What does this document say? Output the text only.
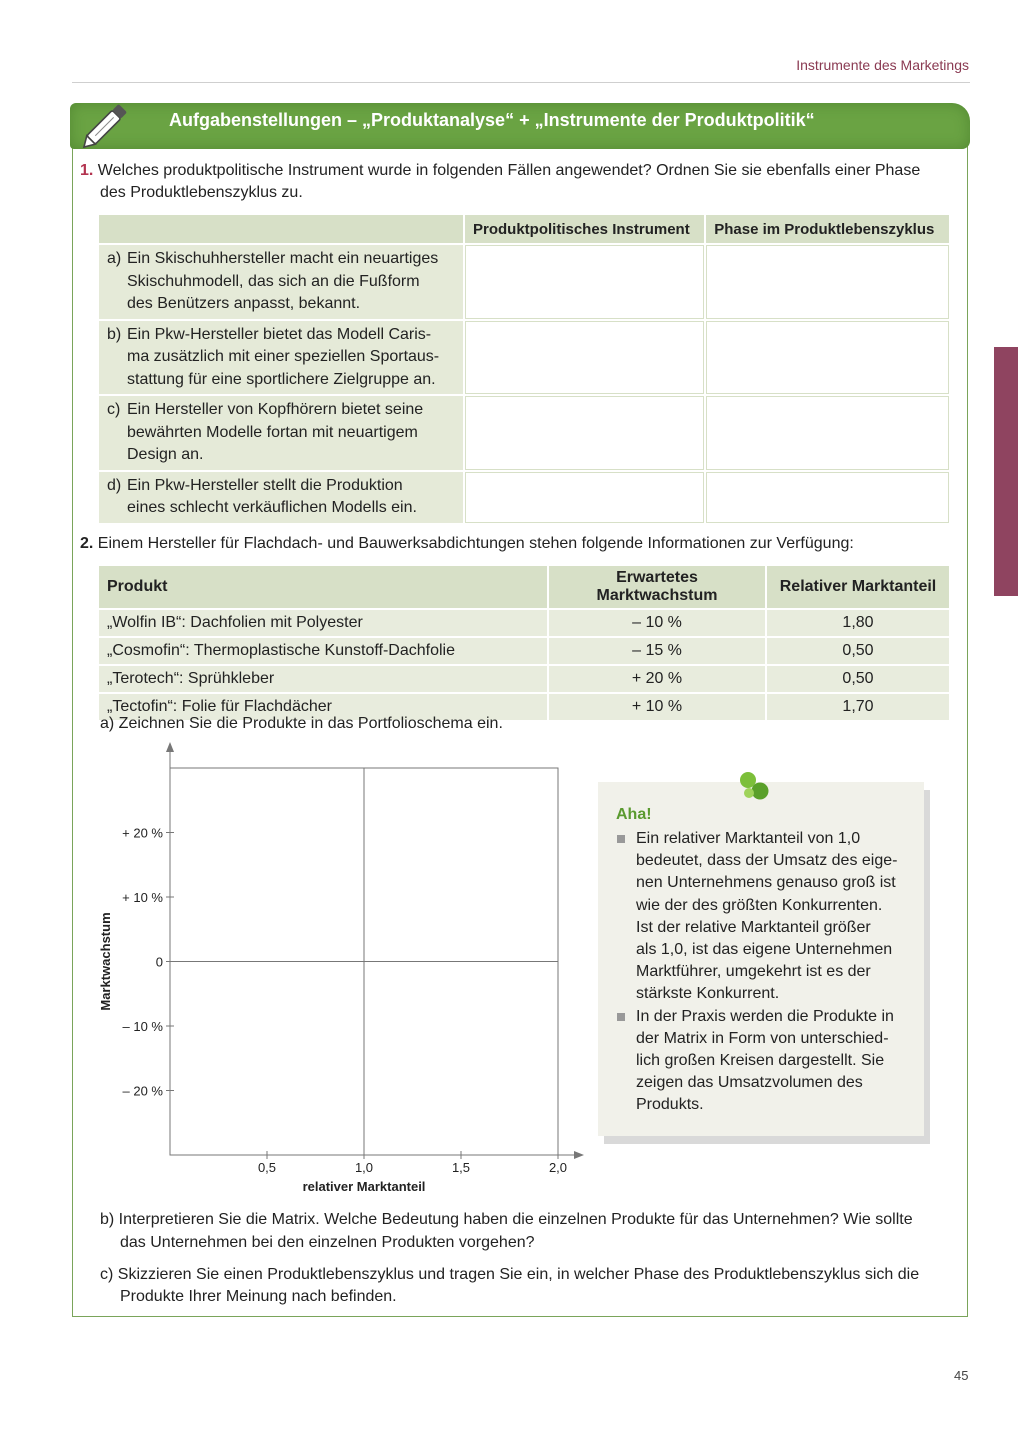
Instrumente des Marketings
Aufgabenstellungen – „Produktanalyse“ + „Instrumente der Produktpolitik“
1. Welches produktpolitische Instrument wurde in folgenden Fällen angewendet? Ordnen Sie sie ebenfalls einer Phase
des Produktlebenszyklus zu.
	Produktpolitisches Instrument	Phase im Produktlebenszyklus

a) Ein Skischuhhersteller macht ein neuartiges
Skischuhmodell, das sich an die Fußform
des Benützers anpasst, bekannt.		

b) Ein Pkw-Hersteller bietet das Modell Caris-
ma zusätzlich mit einer speziellen Sportaus-
stattung für eine sportlichere Zielgruppe an.		

c) Ein Hersteller von Kopfhörern bietet seine
bewährten Modelle fortan mit neuartigem
Design an.		

d) Ein Pkw-Hersteller stellt die Produktion
eines schlecht verkäuflichen Modells ein.		

2. Einem Hersteller für Flachdach- und Bauwerksabdichtungen stehen folgende Informationen zur Verfügung:
Produkt	Erwartetes Marktwachstum	Relativer Marktanteil
„Wolfin IB“: Dachfolien mit Polyester	– 10 %	1,80
„Cosmofin“: Thermoplastische Kunstoff-Dachfolie	– 15 %	0,50
„Terotech“: Sprühkleber	+ 20 %	0,50
„Tectofin“: Folie für Flachdächer	+ 10 %	1,70
a) Zeichnen Sie die Produkte in das Portfolioschema ein.
0,5	1,0	1,5	2,0
+ 20 %
+ 10 %
0
– 10 %
– 20 %
relativer Marktanteil
Marktwachstum
Aha!
Ein relativer Marktanteil von 1,0
bedeutet, dass der Umsatz des eige-
nen Unternehmens genauso groß ist
wie der des größten Konkurrenten.
Ist der relative Marktanteil größer
als 1,0, ist das eigene Unternehmen
Marktführer, umgekehrt ist es der
stärkste Konkurrent.
In der Praxis werden die Produkte in
der Matrix in Form von unterschied-
lich großen Kreisen dargestellt. Sie
zeigen das Umsatzvolumen des
Produkts.
b) Interpretieren Sie die Matrix. Welche Bedeutung haben die einzelnen Produkte für das Unternehmen? Wie sollte
das Unternehmen bei den einzelnen Produkten vorgehen?
c) Skizzieren Sie einen Produktlebenszyklus und tragen Sie ein, in welcher Phase des Produktlebenszyklus sich die
Produkte Ihrer Meinung nach befinden.
45
